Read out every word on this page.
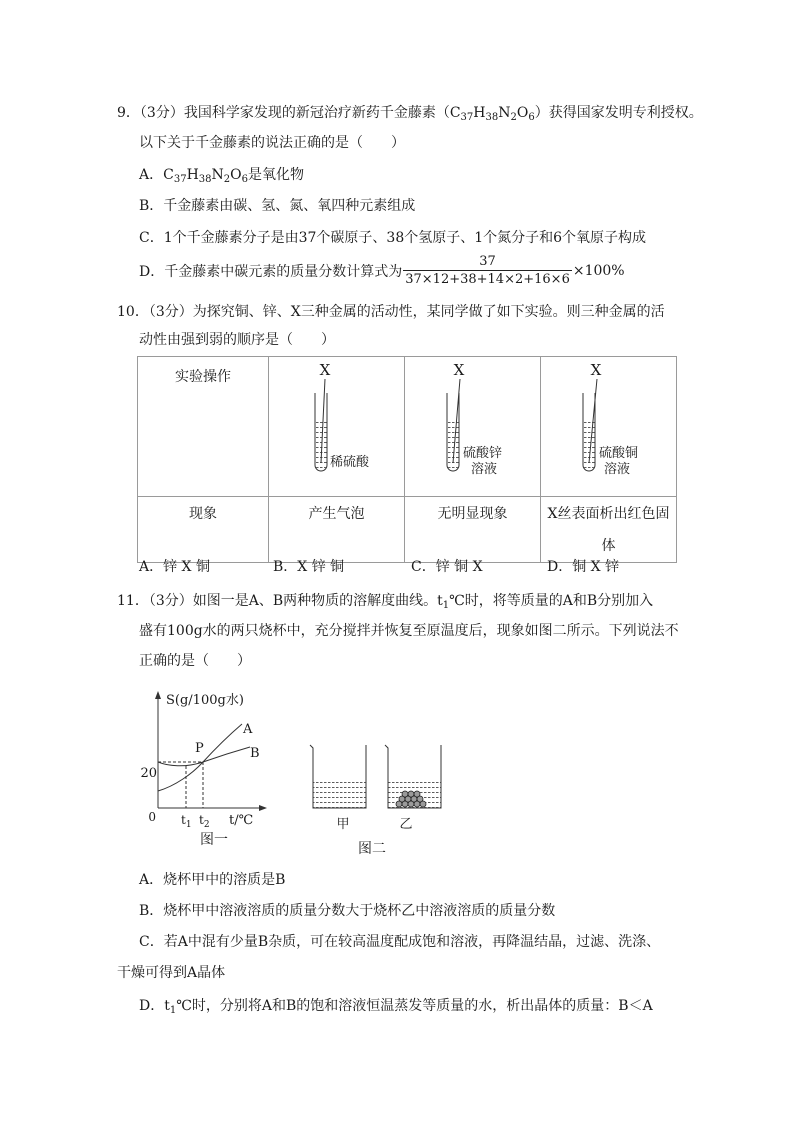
9．（3分）我国科学家发现的新冠治疗新药千金藤素（ C 37 H 38 N 2 O 6 ）获得国家发明专利授权。
以下关于千金藤素的说法正确的是（　　）
A． C 37 H 38 N 2 O 6 是氧化物
B．千金藤素由碳、氢、氮、氧四种元素组成
C．1个千金藤素分子是由37个碳原子、38个氢原子、1个氮分子和6个氧原子构成
D．千金藤素中碳元素的质量分数计算式为 $\frac{37}{37\times 12+38+14\times 2+16\times 6} \times 100\%$
10．（3分）为探究铜、锌、X三种金属的活动性，某同学做了如下实验。则三种金属的活
动性由强到弱的顺序是（　　）
实验操作			
现象	产生气泡	无明显现象	X丝表面析出红色固
体
A．锌 X 铜	B．X 锌 铜	C．锌 铜 X	D．铜 X 锌
11．（3分）如图一是A、B两种物质的溶解度曲线。t 1 ℃时，将等质量的A和B分别加入
盛有100g水的两只烧杯中，充分搅拌并恢复至原温度后，现象如图二所示。下列说法不
正确的是（　　）
A．烧杯甲中的溶质是B
B．烧杯甲中溶液溶质的质量分数大于烧杯乙中溶液溶质的质量分数
C．若A中混有少量B杂质，可在较高温度配成饱和溶液，再降温结晶，过滤、洗涤、
干燥可得到A晶体
D．t 1 ℃时，分别将A和B的饱和溶液恒温蒸发等质量的水，析出晶体的质量：B＜A
X
稀硫酸
X
硫酸锌
溶液
X
硫酸铜
溶液
S(g/100g水)
A
B
P
20
0 $t_1$ $t_2$ t/℃
图一
甲	乙
图二
